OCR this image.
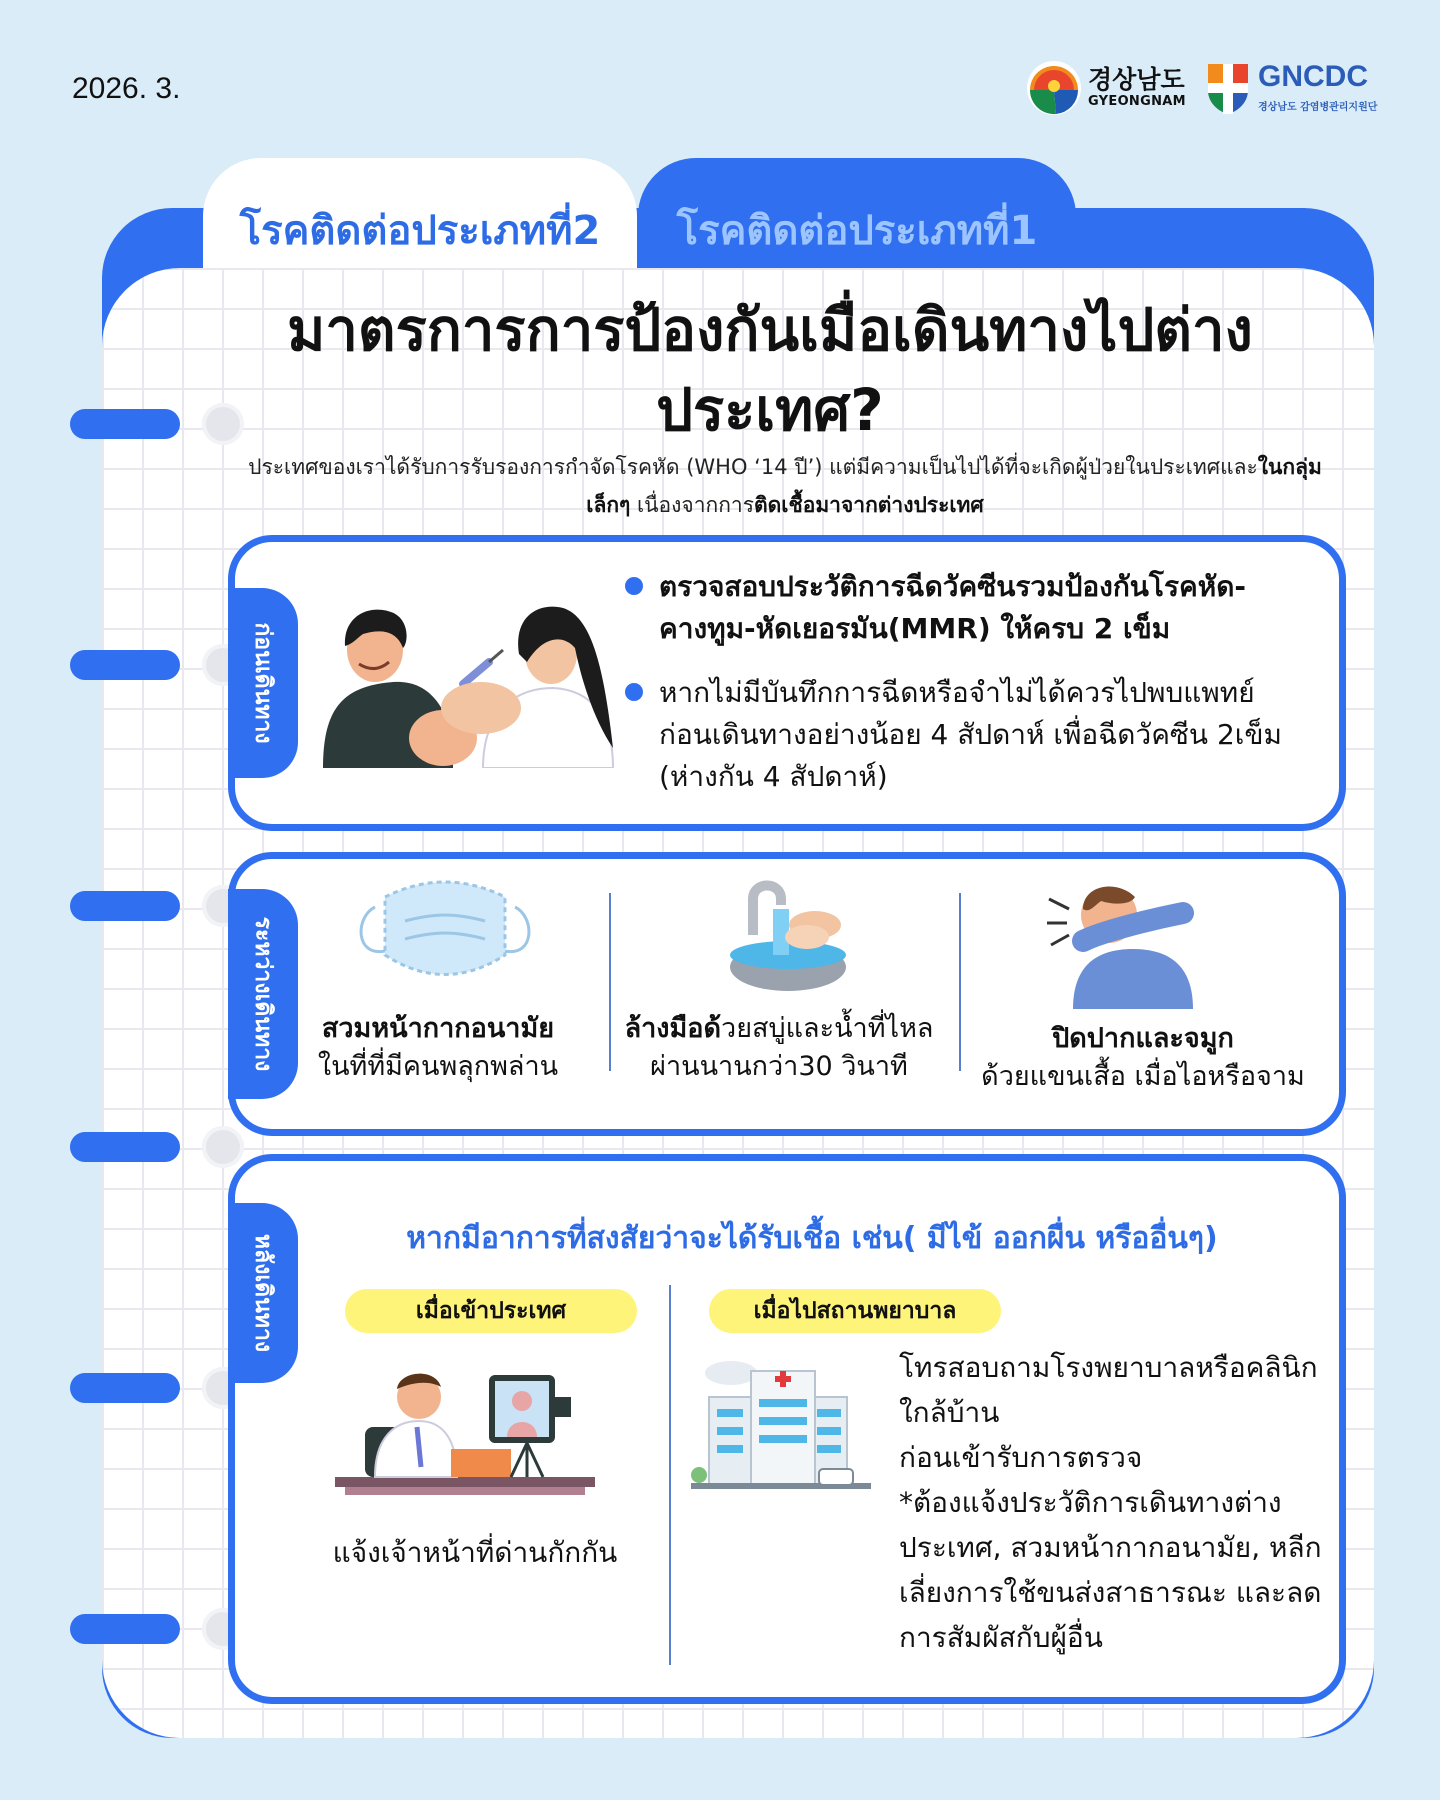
2026. 3.	경상남도
GYEONGNAM
GNCDC
경상남도 감염병관리지원단
โรคติดต่อประเภทที่1
โรคติดต่อประเภทที่2
มาตรการการป้องกันเมื่อเดินทางไปต่าง
ประเทศ?
ประเทศของเราได้รับการรับรองการกำจัดโรคหัด (WHO ‘14 ปี’) แต่มีความเป็นไปได้ที่จะเกิดผู้ป่วยในประเทศและในกลุ่มเล็กๆ เนื่องจากการติดเชื้อมาจากต่างประเทศ
ก่อนเดินทาง
ตรวจสอบประวัติการฉีดวัคซีนรวมป้องกันโรคหัด-คางทูม-หัดเยอรมัน(MMR) ให้ครบ 2 เข็ม
หากไม่มีบันทึกการฉีดหรือจำไม่ได้ควรไปพบแพทย์ก่อนเดินทางอย่างน้อย 4 สัปดาห์ เพื่อฉีดวัคซีน 2เข็ม (ห่างกัน 4 สัปดาห์)
ระหว่างเดินทาง สวมหน้ากากอนามัย
ในที่ที่มีคนพลุกพล่าน
ล้างมือด้วยสบู่และน้ำที่ไหล
ผ่านนานกว่า30 วินาที
ปิดปากและจมูก
ด้วยแขนเสื้อ เมื่อไอหรือจาม
หลังเดินทาง	หากมีอาการที่สงสัยว่าจะได้รับเชื้อ เช่น( มีไข้ ออกผื่น หรืออื่นๆ)
เมื่อเข้าประเทศ	เมื่อไปสถานพยาบาล
แจ้งเจ้าหน้าที่ด่านกักกัน
โทรสอบถามโรงพยาบาลหรือคลินิก
ใกล้บ้าน
ก่อนเข้ารับการตรวจ
*ต้องแจ้งประวัติการเดินทางต่าง
ประเทศ, สวมหน้ากากอนามัย, หลีก
เลี่ยงการใช้ขนส่งสาธารณะ และลด
การสัมผัสกับผู้อื่น
